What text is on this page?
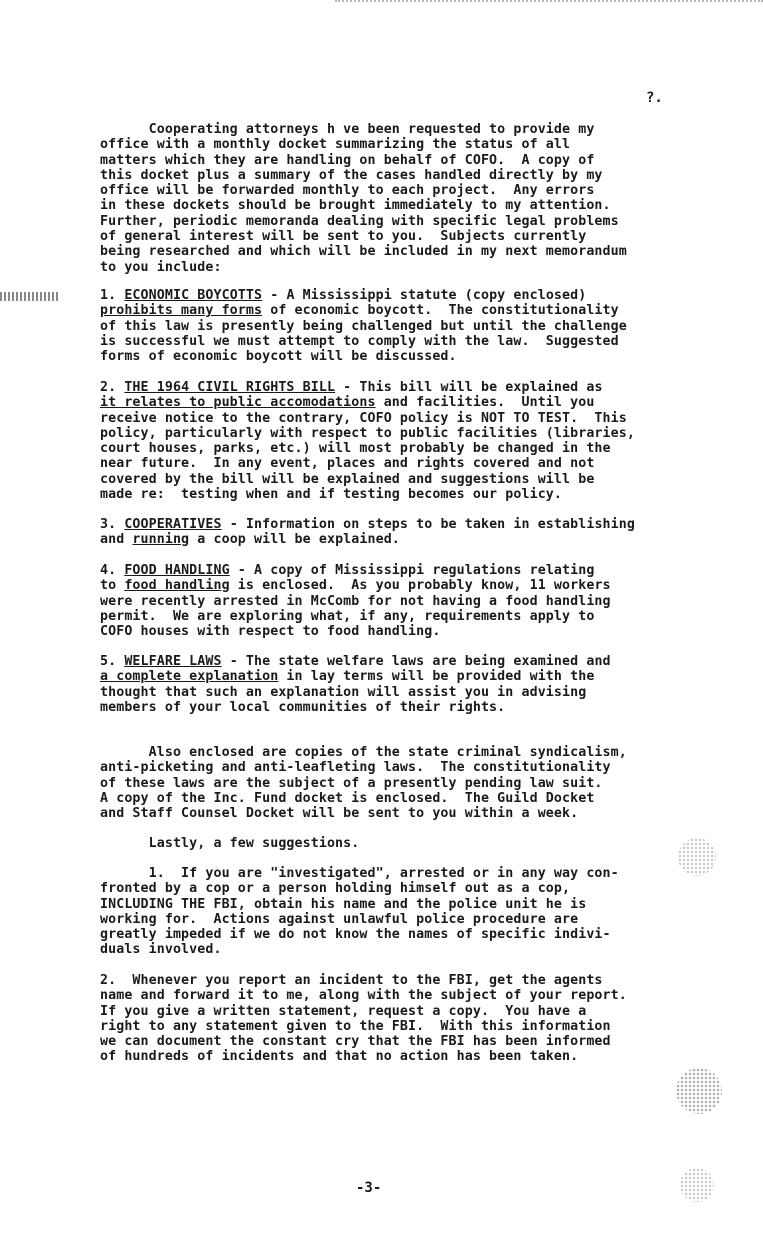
?.

Cooperating attorneys h ve been requested to provide my
office with a monthly docket summarizing the status of all
matters which they are handling on behalf of COFO.  A copy of
this docket plus a summary of the cases handled directly by my
office will be forwarded monthly to each project.  Any errors
in these dockets should be brought immediately to my attention.
Further, periodic memoranda dealing with specific legal problems
of general interest will be sent to you.  Subjects currently
being researched and which will be included in my next memorandum
to you include:

1. ECONOMIC BOYCOTTS - A Mississippi statute (copy enclosed)
prohibits many forms of economic boycott.  The constitutionality
of this law is presently being challenged but until the challenge
is successful we must attempt to comply with the law.  Suggested
forms of economic boycott will be discussed.

2. THE 1964 CIVIL RIGHTS BILL - This bill will be explained as
it relates to public accomodations and facilities.  Until you
receive notice to the contrary, COFO policy is NOT TO TEST.  This
policy, particularly with respect to public facilities (libraries,
court houses, parks, etc.) will most probably be changed in the
near future.  In any event, places and rights covered and not
covered by the bill will be explained and suggestions will be
made re:  testing when and if testing becomes our policy.

3. COOPERATIVES - Information on steps to be taken in establishing
and running a coop will be explained.

4. FOOD HANDLING - A copy of Mississippi regulations relating
to food handling is enclosed.  As you probably know, 11 workers
were recently arrested in McComb for not having a food handling
permit.  We are exploring what, if any, requirements apply to
COFO houses with respect to food handling.

5. WELFARE LAWS - The state welfare laws are being examined and
a complete explanation in lay terms will be provided with the
thought that such an explanation will assist you in advising
members of your local communities of their rights.

Also enclosed are copies of the state criminal syndicalism,
anti-picketing and anti-leafleting laws.  The constitutionality
of these laws are the subject of a presently pending law suit.
A copy of the Inc. Fund docket is enclosed.  The Guild Docket
and Staff Counsel Docket will be sent to you within a week.

Lastly, a few suggestions.

1.  If you are "investigated", arrested or in any way con-
fronted by a cop or a person holding himself out as a cop,
INCLUDING THE FBI, obtain his name and the police unit he is
working for.  Actions against unlawful police procedure are
greatly impeded if we do not know the names of specific indivi-
duals involved.

2.  Whenever you report an incident to the FBI, get the agents
name and forward it to me, along with the subject of your report.
If you give a written statement, request a copy.  You have a
right to any statement given to the FBI.  With this information
we can document the constant cry that the FBI has been informed
of hundreds of incidents and that no action has been taken.

-3-
